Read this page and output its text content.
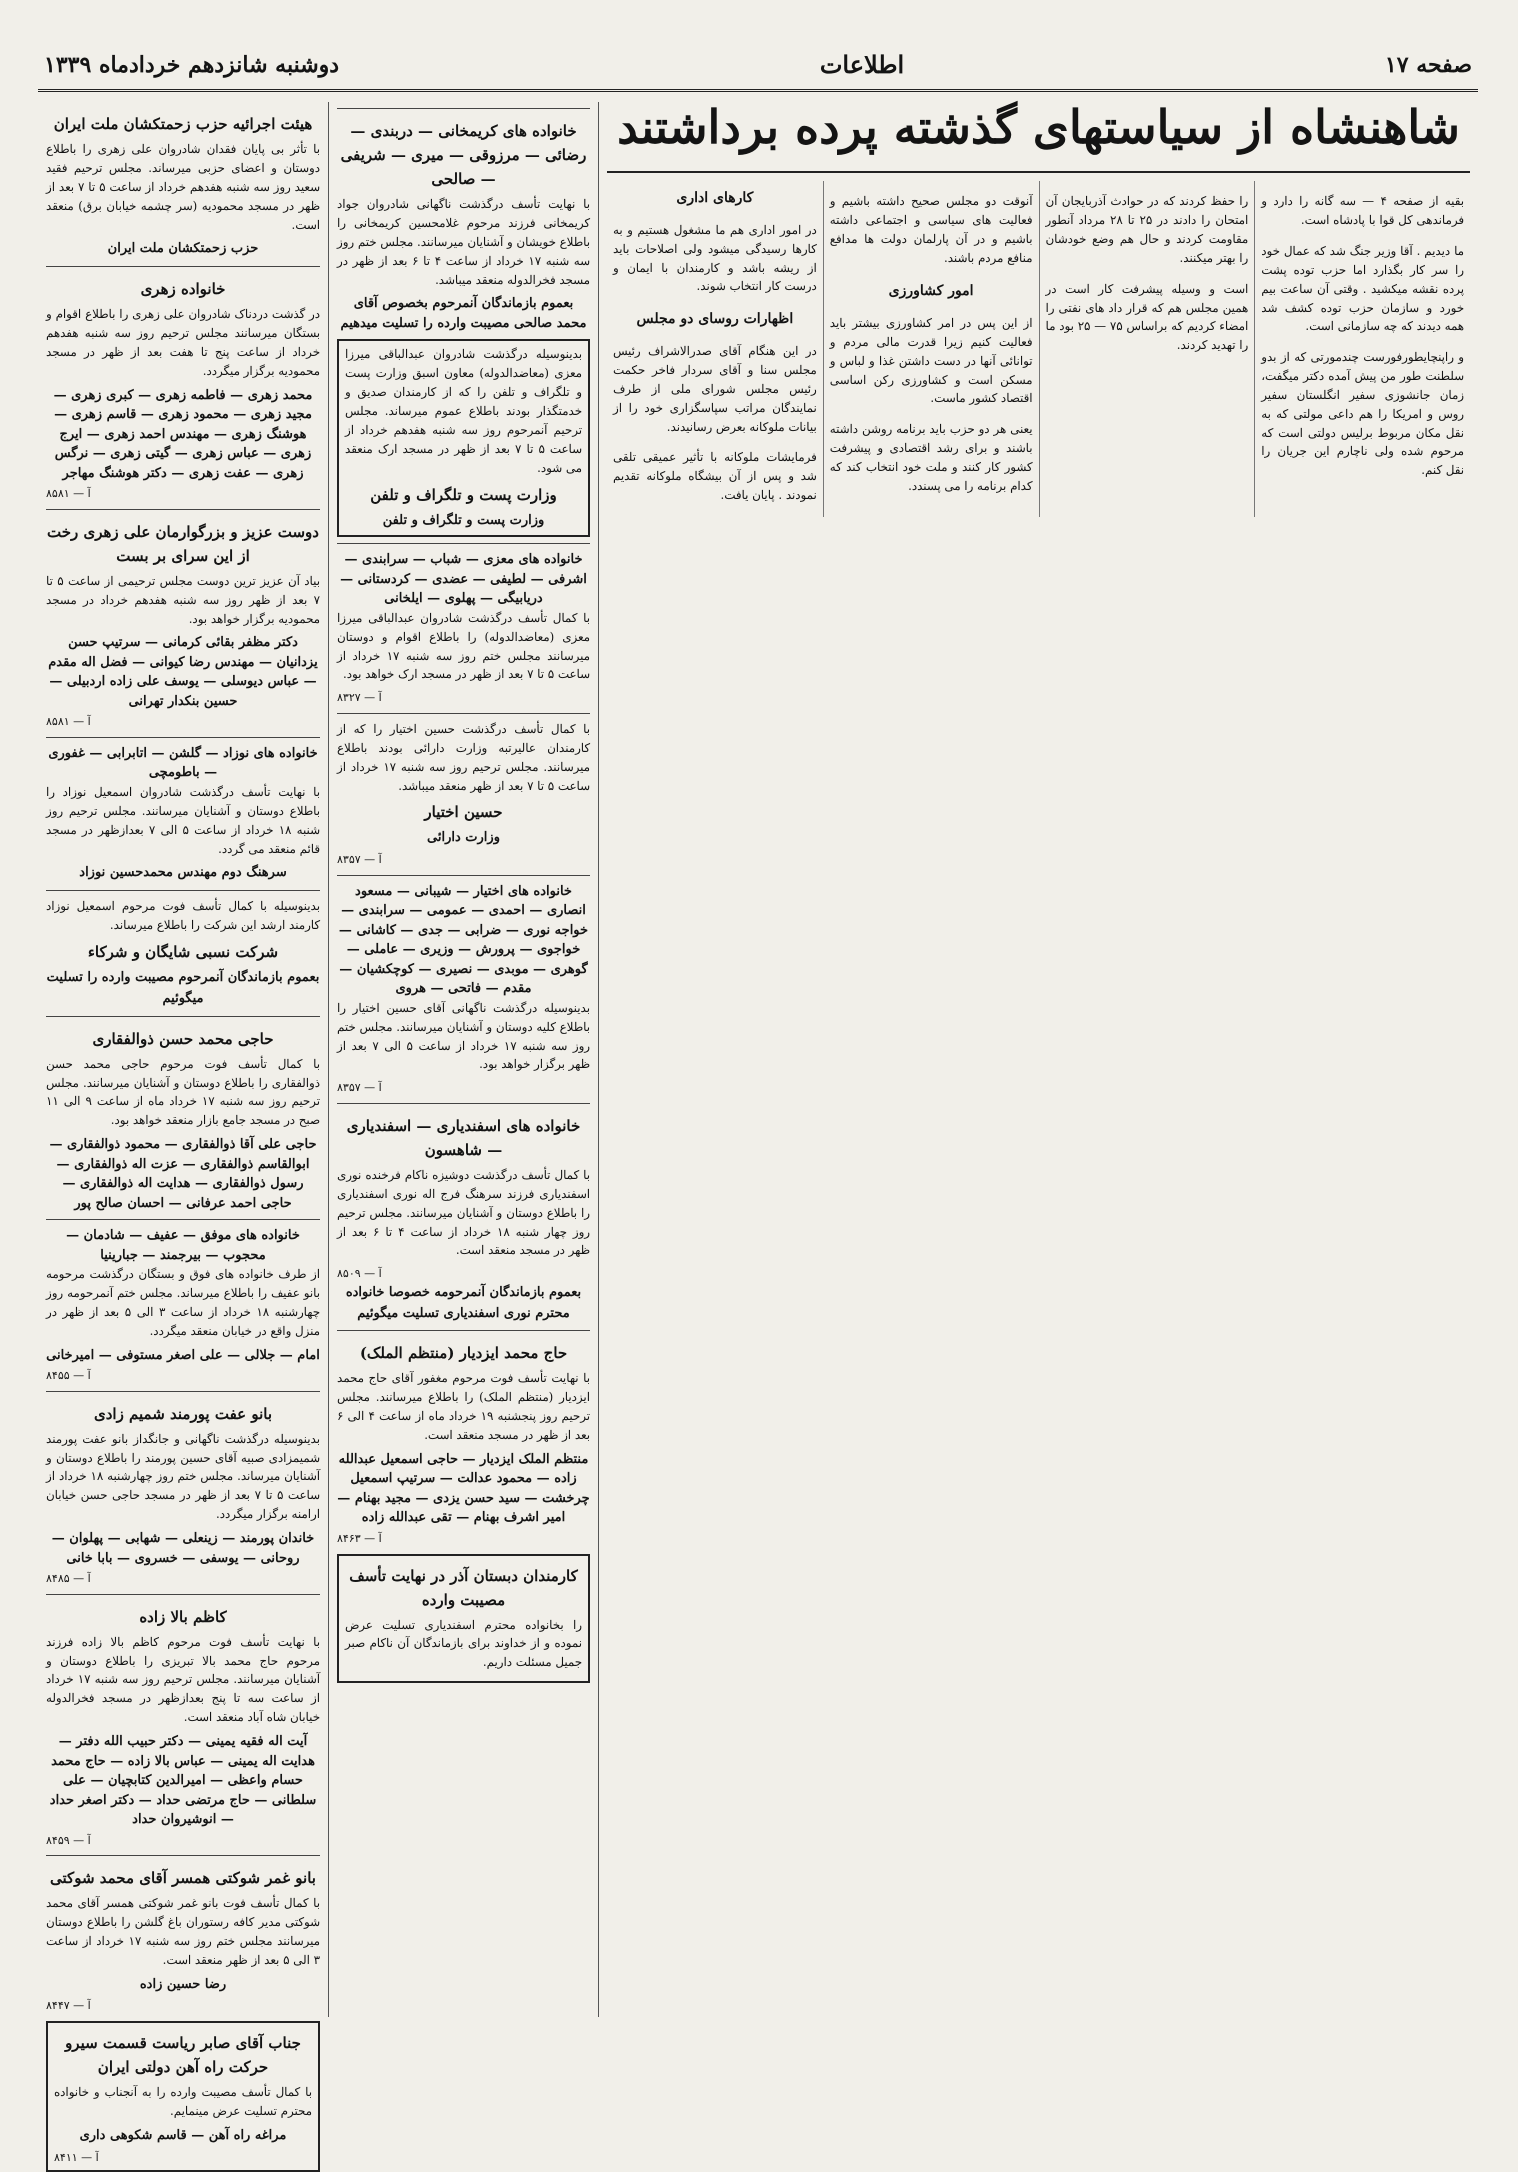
صفحه ۱۷
اطلاعات
دوشنبه شانزدهم خردادماه ۱۳۳۹
شاهنشاه از سیاستهای گذشته پرده برداشتند

بقیه از صفحه ۴ — سه گانه را دارد و فرماندهی کل قوا با پادشاه است.

ما دیدیم . آقا وزیر جنگ شد که عمال خود را سر کار بگذارد اما حزب توده پشت پرده نقشه میکشید . وقتی آن ساعت بیم خورد و سازمان حزب توده کشف شد همه دیدند که چه سازمانی است.

و راپنچایطورفورست چندمورتی که از بدو سلطنت طور من پیش آمده دکتر میگفت، زمان جانشوزی سفیر انگلستان سفیر روس و امریکا را هم داعی مولتی که به نقل مکان مربوط برلیس دولتی است که مرحوم شده ولی ناچارم این جریان را نقل کنم.

را حفظ کردند که در حوادث آذربایجان آن امتحان را دادند در ۲۵ تا ۲۸ مرداد آنطور مقاومت کردند و حال هم وضع خودشان را بهتر میکنند.

است و وسیله پیشرفت کار است در همین مجلس هم که قرار داد های نفتی را امضاء کردیم که براساس ۷۵ — ۲۵ بود ما را تهدید کردند.

آنوقت دو مجلس صحیح داشته باشیم و فعالیت های سیاسی و اجتماعی داشته باشیم و در آن پارلمان دولت ها مدافع منافع مردم باشند.

امور کشاورزی

از این پس در امر کشاورزی بیشتر باید فعالیت کنیم زیرا قدرت مالی مردم و توانائی آنها در دست داشتن غذا و لباس و مسکن است و کشاورزی رکن اساسی اقتصاد کشور ماست.

یعنی هر دو حزب باید برنامه روشن داشته باشند و برای رشد اقتصادی و پیشرفت کشور کار کنند و ملت خود انتخاب کند که کدام برنامه را می پسندد.

کارهای اداری

در امور اداری هم ما مشغول هستیم و به کارها رسیدگی میشود ولی اصلاحات باید از ریشه باشد و کارمندان با ایمان و درست کار انتخاب شوند.

اظهارات روسای دو مجلس

در این هنگام آقای صدرالاشراف رئیس مجلس سنا و آقای سردار فاخر حکمت رئیس مجلس شورای ملی از طرف نمایندگان مراتب سپاسگزاری خود را از بیانات ملوکانه بعرض رسانیدند.

فرمایشات ملوکانه با تأثیر عمیقی تلقی شد و پس از آن بیشگاه ملوکانه تقدیم نمودند . پایان یافت.

خانواده های کریمخانی — دربندی — رضائی — مرزوقی — میری — شریفی — صالحی

با نهایت تأسف درگذشت ناگهانی شادروان جواد کریمخانی فرزند مرحوم غلامحسین کریمخانی را باطلاع خویشان و آشنایان میرسانند. مجلس ختم روز سه شنبه ۱۷ خرداد از ساعت ۴ تا ۶ بعد از ظهر در مسجد فخرالدوله منعقد میباشد.

بعموم بازماندگان آنمرحوم بخصوص آقای محمد صالحی مصیبت وارده را تسلیت میدهیم

بدینوسیله درگذشت شادروان عبدالباقی میرزا معزی (معاضدالدوله) معاون اسبق وزارت پست و تلگراف و تلفن را که از کارمندان صدیق و خدمتگذار بودند باطلاع عموم میرساند. مجلس ترحیم آنمرحوم روز سه شنبه هفدهم خرداد از ساعت ۵ تا ۷ بعد از ظهر در مسجد ارک منعقد می شود.

وزارت پست و تلگراف و تلفن
وزارت پست و تلگراف و تلفن
خانواده های معزی — شباب — سرابندی — اشرفی — لطیفی — عضدی — کردستانی — دریابیگی — پهلوی — ایلخانی

با کمال تأسف درگذشت شادروان عبدالباقی میرزا معزی (معاضدالدوله) را باطلاع اقوام و دوستان میرسانند مجلس ختم روز سه شنبه ۱۷ خرداد از ساعت ۵ تا ۷ بعد از ظهر در مسجد ارک خواهد بود.

آ — ۸۳۲۷

با کمال تأسف درگذشت حسین اختیار را که از کارمندان عالیرتبه وزارت دارائی بودند باطلاع میرسانند. مجلس ترحیم روز سه شنبه ۱۷ خرداد از ساعت ۵ تا ۷ بعد از ظهر منعقد میباشد.

حسین اختیار
وزارت دارائی
آ — ۸۳۵۷
خانواده های اختیار — شیبانی — مسعود انصاری — احمدی — عمومی — سرابندی — خواجه نوری — ضرابی — جدی — کاشانی — خواجوی — پرورش — وزیری — عاملی — گوهری — موبدی — نصیری — کوچکشیان — مقدم — فاتحی — هروی

بدینوسیله درگذشت ناگهانی آقای حسین اختیار را باطلاع کلیه دوستان و آشنایان میرسانند. مجلس ختم روز سه شنبه ۱۷ خرداد از ساعت ۵ الی ۷ بعد از ظهر برگزار خواهد بود.

آ — ۸۳۵۷
خانواده های اسفندیاری — اسفندیاری — شاهسون

با کمال تأسف درگذشت دوشیزه ناکام فرخنده نوری اسفندیاری فرزند سرهنگ فرج اله نوری اسفندیاری را باطلاع دوستان و آشنایان میرسانند. مجلس ترحیم روز چهار شنبه ۱۸ خرداد از ساعت ۴ تا ۶ بعد از ظهر در مسجد منعقد است.

آ — ۸۵۰۹
بعموم بازماندگان آنمرحومه خصوصا خانواده محترم نوری اسفندیاری تسلیت میگوئیم
حاج محمد ایزدیار (منتظم الملک)

با نهایت تأسف فوت مرحوم مغفور آقای حاج محمد ایزدیار (منتظم الملک) را باطلاع میرسانند. مجلس ترحیم روز پنجشنبه ۱۹ خرداد ماه از ساعت ۴ الی ۶ بعد از ظهر در مسجد منعقد است.

منتظم الملک ایزدیار — حاجی اسمعیل عبدالله زاده — محمود عدالت — سرتیپ اسمعیل چرخشت — سید حسن یزدی — مجید بهنام — امیر اشرف بهنام — تقی عبدالله زاده
آ — ۸۴۶۳
کارمندان دبستان آذر در نهایت تأسف مصیبت وارده

را بخانواده محترم اسفندیاری تسلیت عرض نموده و از خداوند برای بازماندگان آن ناکام صبر جمیل مسئلت داریم.

هیئت اجرائیه حزب زحمتکشان ملت ایران

با تأثر بی پایان فقدان شادروان علی زهری را باطلاع دوستان و اعضای حزبی میرساند. مجلس ترحیم فقید سعید روز سه شنبه هفدهم خرداد از ساعت ۵ تا ۷ بعد از ظهر در مسجد محمودیه (سر چشمه خیابان برق) منعقد است.

حزب زحمتکشان ملت ایران
خانواده زهری

در گذشت دردناک شادروان علی زهری را باطلاع اقوام و بستگان میرسانند مجلس ترحیم روز سه شنبه هفدهم خرداد از ساعت پنج تا هفت بعد از ظهر در مسجد محمودیه برگزار میگردد.

محمد زهری — فاطمه زهری — کبری زهری — مجید زهری — محمود زهری — قاسم زهری — هوشنگ زهری — مهندس احمد زهری — ایرج زهری — عباس زهری — گیتی زهری — نرگس زهری — عفت زهری — دکتر هوشنگ مهاجر
آ — ۸۵۸۱
دوست عزیز و بزرگوارمان علی زهری رخت از این سرای بر بست

بیاد آن عزیز ترین دوست مجلس ترحیمی از ساعت ۵ تا ۷ بعد از ظهر روز سه شنبه هفدهم خرداد در مسجد محمودیه برگزار خواهد بود.

دکتر مظفر بقائی کرمانی — سرتیپ حسن یزدانیان — مهندس رضا کیوانی — فضل اله مقدم — عباس دیوسلی — یوسف علی زاده اردبیلی — حسین بنکدار تهرانی
آ — ۸۵۸۱
خانواده های نوزاد — گلشن — اتابرابی — غفوری — باطومچی

با نهایت تأسف درگذشت شادروان اسمعیل نوزاد را باطلاع دوستان و آشنایان میرسانند. مجلس ترحیم روز شنبه ۱۸ خرداد از ساعت ۵ الی ۷ بعدازظهر در مسجد قائم منعقد می گردد.

سرهنگ دوم مهندس محمدحسین نوزاد

بدینوسیله با کمال تأسف فوت مرحوم اسمعیل نوزاد کارمند ارشد این شرکت را باطلاع میرساند.

شرکت نسبی شایگان و شرکاء
بعموم بازماندگان آنمرحوم مصیبت وارده را تسلیت میگوئیم
حاجی محمد حسن ذوالفقاری

با کمال تأسف فوت مرحوم حاجی محمد حسن ذوالفقاری را باطلاع دوستان و آشنایان میرسانند. مجلس ترحیم روز سه شنبه ۱۷ خرداد ماه از ساعت ۹ الی ۱۱ صبح در مسجد جامع بازار منعقد خواهد بود.

حاجی علی آقا ذوالفقاری — محمود ذوالفقاری — ابوالقاسم ذوالفقاری — عزت اله ذوالفقاری — رسول ذوالفقاری — هدایت اله ذوالفقاری — حاجی احمد عرفانی — احسان صالح پور
خانواده های موفق — عفیف — شادمان — محجوب — بیرجمند — جبارینیا

از طرف خانواده های فوق و بستگان درگذشت مرحومه بانو عفیف را باطلاع میرساند. مجلس ختم آنمرحومه روز چهارشنبه ۱۸ خرداد از ساعت ۳ الی ۵ بعد از ظهر در منزل واقع در خیابان منعقد میگردد.

امام — جلالی — علی اصغر مستوفی — امیرخانی
آ — ۸۴۵۵
بانو عفت پورمند شمیم زادی

بدینوسیله درگذشت ناگهانی و جانگداز بانو عفت پورمند شمیمزادی صبیه آقای حسین پورمند را باطلاع دوستان و آشنایان میرساند. مجلس ختم روز چهارشنبه ۱۸ خرداد از ساعت ۵ تا ۷ بعد از ظهر در مسجد حاجی حسن خیابان ارامنه برگزار میگردد.

خاندان پورمند — زینعلی — شهابی — پهلوان — روحانی — یوسفی — خسروی — بابا خانی
آ — ۸۴۸۵
کاظم بالا زاده

با نهایت تأسف فوت مرحوم کاظم بالا زاده فرزند مرحوم حاج محمد بالا تبریزی را باطلاع دوستان و آشنایان میرسانند. مجلس ترحیم روز سه شنبه ۱۷ خرداد از ساعت سه تا پنج بعدازظهر در مسجد فخرالدوله خیابان شاه آباد منعقد است.

آیت اله فقیه یمینی — دکتر حبیب الله دفتر — هدایت اله یمینی — عباس بالا زاده — حاج محمد حسام واعظی — امیرالدین کتابچیان — علی سلطانی — حاج مرتضی حداد — دکتر اصغر حداد — انوشیروان حداد
آ — ۸۴۵۹
بانو غمر شوکتی همسر آقای محمد شوکتی

با کمال تأسف فوت بانو غمر شوکتی همسر آقای محمد شوکتی مدیر کافه رستوران باغ گلشن را باطلاع دوستان میرسانند مجلس ختم روز سه شنبه ۱۷ خرداد از ساعت ۳ الی ۵ بعد از ظهر منعقد است.

رضا حسین زاده
آ — ۸۴۴۷
جناب آقای صابر ریاست قسمت سیرو حرکت راه آهن دولتی ایران

با کمال تأسف مصیبت وارده را به آنجناب و خانواده محترم تسلیت عرض مینمایم.

مراغه راه آهن — قاسم شکوهی داری
آ — ۸۴۱۱
